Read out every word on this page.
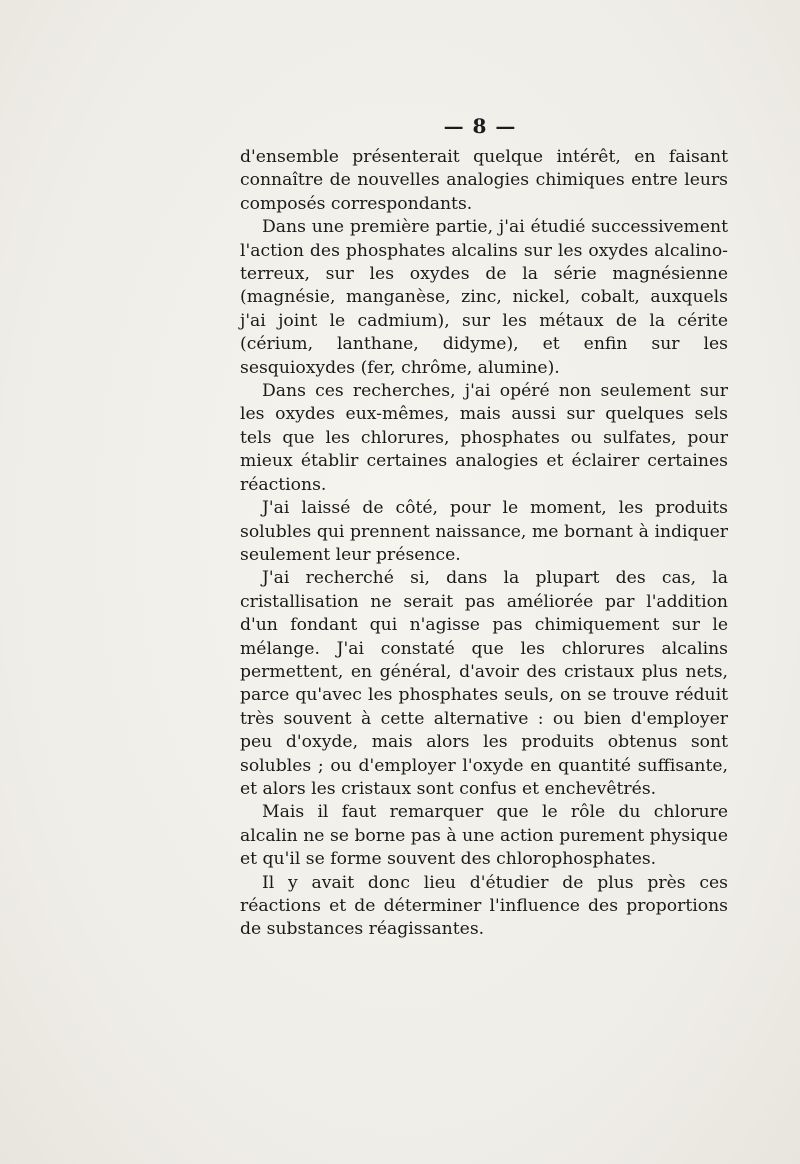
— 8 —

d'ensemble présenterait quelque intérêt, en faisant connaître de nouvelles analogies chimiques entre leurs composés correspondants.

Dans une première partie, j'ai étudié successivement l'action des phosphates alcalins sur les oxydes alcalino-terreux, sur les oxydes de la série magnésienne (magnésie, manganèse, zinc, nickel, cobalt, auxquels j'ai joint le cadmium), sur les métaux de la cérite (cérium, lanthane, didyme), et enfin sur les sesquioxydes (fer, chrôme, alumine).

Dans ces recherches, j'ai opéré non seulement sur les oxydes eux-mêmes, mais aussi sur quelques sels tels que les chlorures, phosphates ou sulfates, pour mieux établir certaines analogies et éclairer certaines réactions.

J'ai laissé de côté, pour le moment, les produits solubles qui prennent naissance, me bornant à indiquer seulement leur présence.

J'ai recherché si, dans la plupart des cas, la cristallisation ne serait pas améliorée par l'addition d'un fondant qui n'agisse pas chimiquement sur le mélange. J'ai constaté que les chlorures alcalins permettent, en général, d'avoir des cristaux plus nets, parce qu'avec les phosphates seuls, on se trouve réduit très souvent à cette alternative : ou bien d'employer peu d'oxyde, mais alors les produits obtenus sont solubles ; ou d'employer l'oxyde en quantité suffisante, et alors les cristaux sont confus et enchevêtrés.

Mais il faut remarquer que le rôle du chlorure alcalin ne se borne pas à une action purement physique et qu'il se forme souvent des chlorophosphates.

Il y avait donc lieu d'étudier de plus près ces réactions et de déterminer l'influence des proportions de substances réagissantes.
